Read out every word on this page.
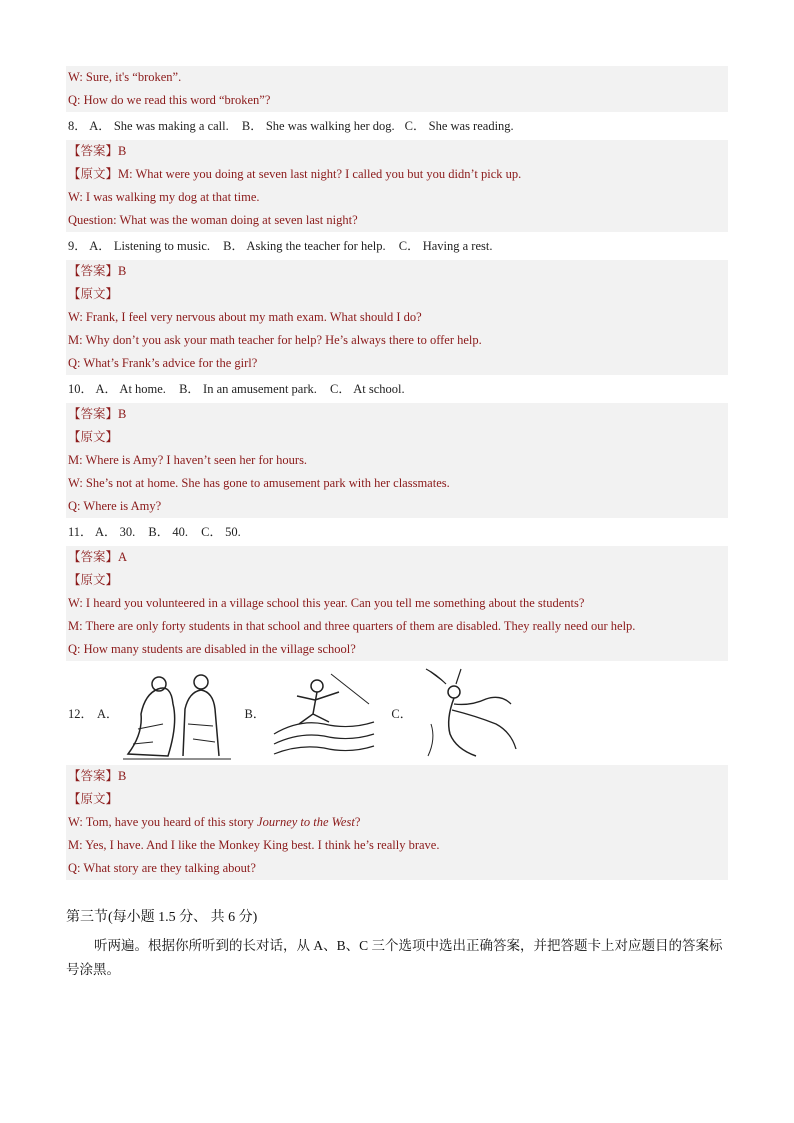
W: Sure, it's “broken”.
Q: How do we read this word “broken”?
8． A． She was making a call. B． She was walking her dog. C． She was reading.
【答案】B
【原文】M: What were you doing at seven last night? I called you but you didn’t pick up.
W: I was walking my dog at that time.
Question: What was the woman doing at seven last night?
9． A． Listening to music. B． Asking the teacher for help. C． Having a rest.
【答案】B
【原文】
W: Frank, I feel very nervous about my math exam. What should I do?
M: Why don’t you ask your math teacher for help? He’s always there to offer help.
Q: What’s Frank’s advice for the girl?
10． A． At home. B． In an amusement park. C． At school.
【答案】B
【原文】
M: Where is Amy? I haven’t seen her for hours.
W: She’s not at home. She has gone to amusement park with her classmates.
Q: Where is Amy?
11． A． 30. B． 40. C． 50.
【答案】A
【原文】
W: I heard you volunteered in a village school this year. Can you tell me something about the students?
M: There are only forty students in that school and three quarters of them are disabled. They really need our help.
Q: How many students are disabled in the village school?
12． A．	B．	C．
【答案】B
【原文】
W: Tom, have you heard of this story Journey to the West?
M: Yes, I have. And I like the Monkey King best. I think he’s really brave.
Q: What story are they talking about?
第三节(每小题 1.5 分、 共 6 分)
听两遍。根据你所听到的长对话，从 A、B、C 三个选项中选出正确答案，并把答题卡上对应题目的答案标号涂黑。
